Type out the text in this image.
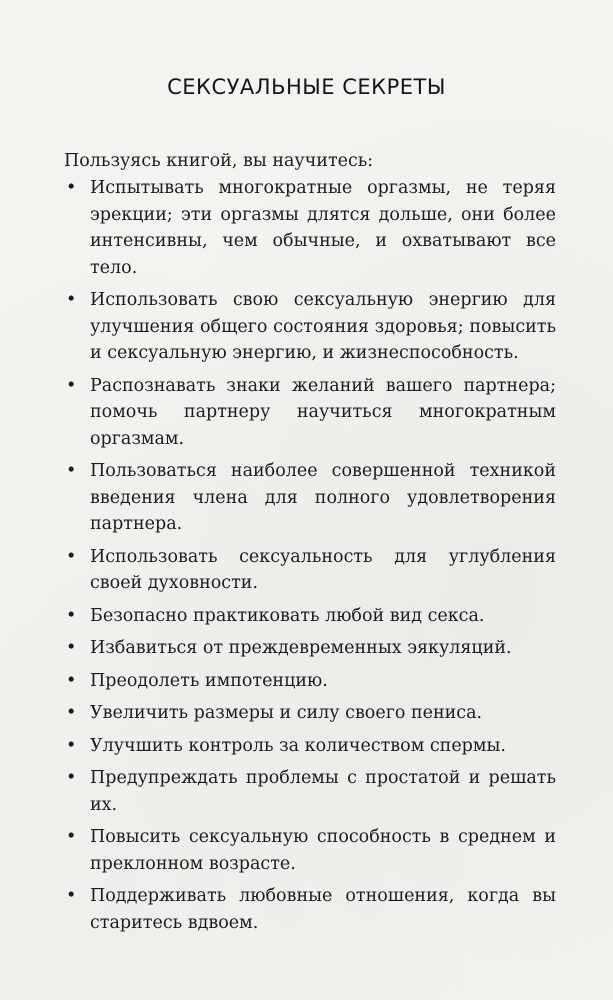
СЕКСУАЛЬНЫЕ СЕКРЕТЫ
Пользуясь книгой, вы научитесь:
• Испытывать многократные оргазмы, не теряя эрекции; эти оргазмы длятся дольше, они более интенсивны, чем обычные, и охватывают все тело.
• Использовать свою сексуальную энергию для улучшения общего состояния здоровья; повысить и сексуальную энергию, и жизнеспособность.
• Распознавать знаки желаний вашего партнера; помочь партнеру научиться многократным оргазмам.
• Пользоваться наиболее совершенной техникой введения члена для полного удовлетворения партнера.
• Использовать сексуальность для углубления своей духовности.
• Безопасно практиковать любой вид секса.
• Избавиться от преждевременных эякуляций.
• Преодолеть импотенцию.
• Увеличить размеры и силу своего пениса.
• Улучшить контроль за количеством спермы.
• Предупреждать проблемы с простатой и решать их.
• Повысить сексуальную способность в среднем и преклонном возрасте.
• Поддерживать любовные отношения, когда вы старитесь вдвоем.
